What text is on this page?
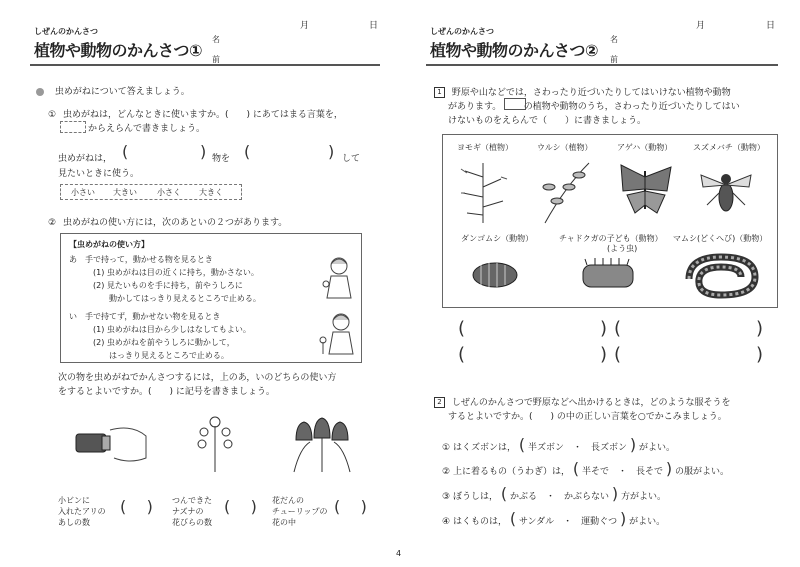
しぜんのかんさつ
月	日
植物や動物のかんさつ①
名
前
虫めがねについて答えましょう。
① 虫めがねは，どんなときに使いますか。(　　) にあてはまる言葉を，
からえらんで書きましょう。
虫めがねは， (	) 物を (	) して
見たいときに使う。
小さい 大きい	小さく 大きく
② 虫めがねの使い方には，次のあといの２つがあります。
【虫めがねの使い方】
あ　手で持って，動かせる物を見るとき
(1) 虫めがねは目の近くに持ち，動かさない。
(2) 見たいものを手に持ち，前やうしろに
動かしてはっきり見えるところで止める。
い　手で持てず，動かせない物を見るとき
(1) 虫めがねは目から少しはなしてもよい。
(2) 虫めがねを前やうしろに動かして，
はっきり見えるところで止める。
次の物を虫めがねでかんさつするには，上のあ，いのどちらの使い方
をするとよいですか。(　　) に記号を書きましょう。
小ビンに
入れたアリの
あしの数
(    ) つんできた
ナズナの
花びらの数
(    ) 花だんの
チューリップの
花の中
(    )
4
しぜんのかんさつ
月	日
植物や動物のかんさつ②
名
前
1 野原や山などでは，さわったり近づいたりしてはいけない植物や動物
があります。　　　の植物や動物のうち，さわったり近づいたりしてはい
けないものをえらんで（　　）に書きましょう。
ヨモギ（植物）	ウルシ（植物）	アゲハ（動物）	スズメバチ（動物）
ダンゴムシ（動物）	チャドクガの子ども（動物）
(よう虫)
マムシ(どくへび)（動物）
(	) (	)
(	) (	)
2 しぜんのかんさつで野原などへ出かけるときは，どのような服そうを
するとよいですか。(　　) の中の正しい言葉を○でかこみましょう。
① はくズボンは， ( 半ズボン　・　長ズボン ) がよい。
② 上に着るもの（うわぎ）は， ( 半そで　・　長そで ) の服がよい。
③ ぼうしは， ( かぶる　・　かぶらない ) 方がよい。
④ はくものは， ( サンダル　・　運動ぐつ ) がよい。
